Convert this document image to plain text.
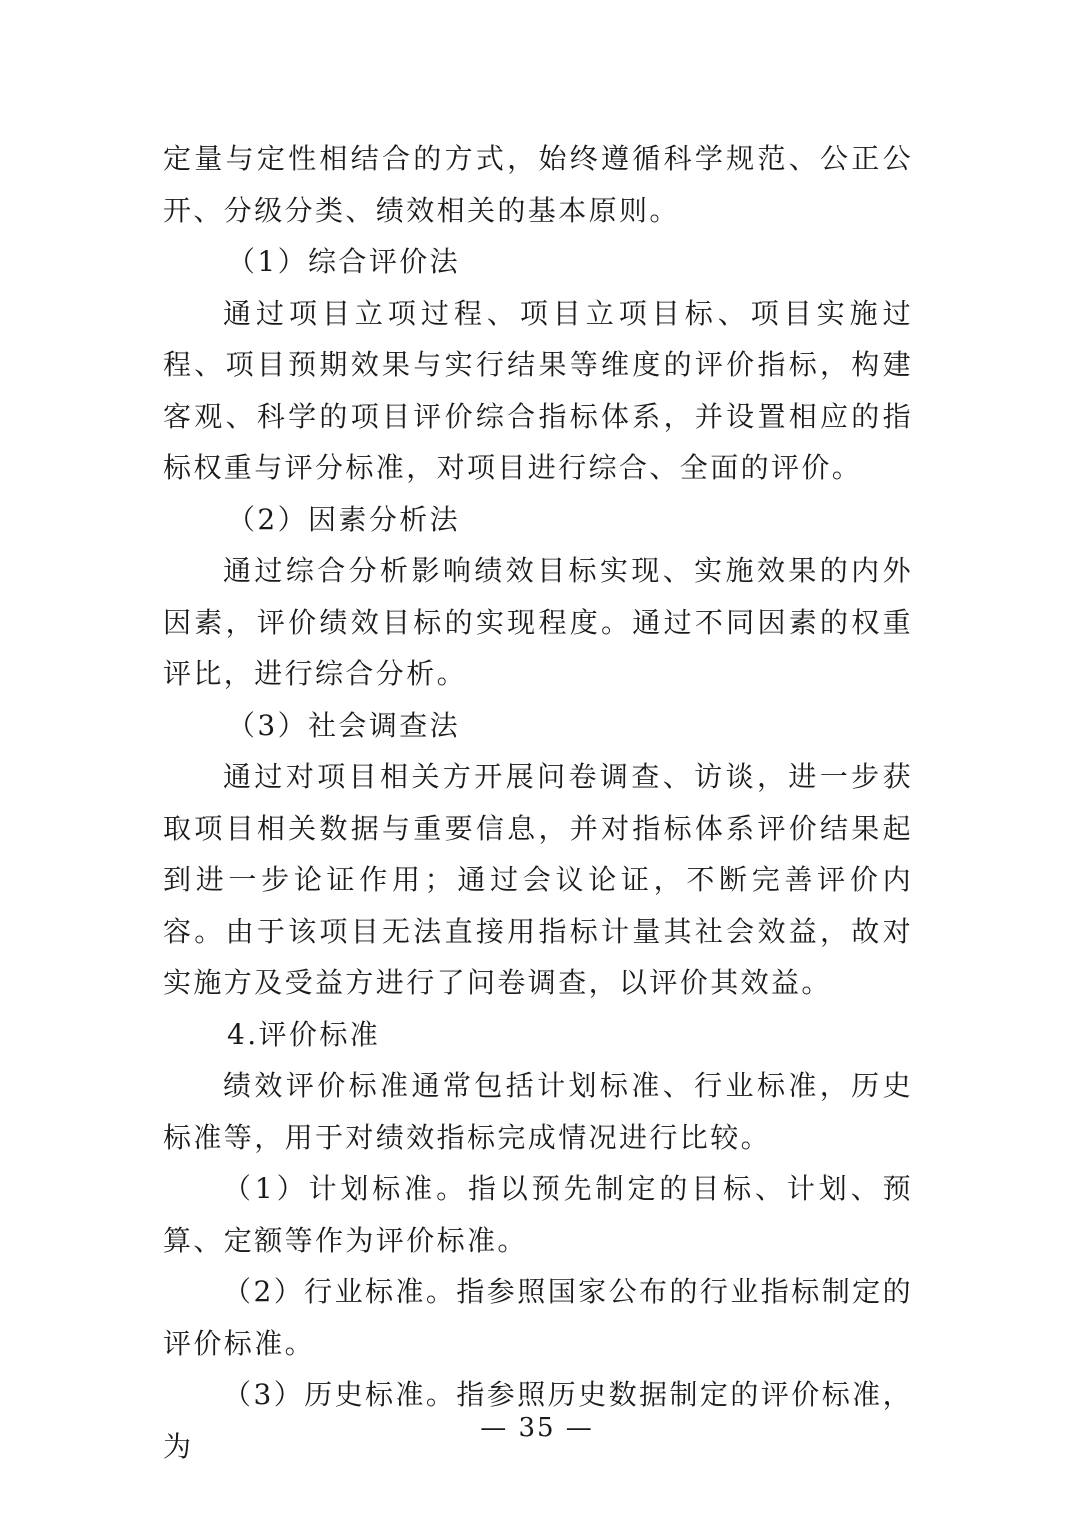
定量与定性相结合的方式，始终遵循科学规范、公正公开、分级分类、绩效相关的基本原则。

（1）综合评价法

通过项目立项过程、项目立项目标、项目实施过程、项目预期效果与实行结果等维度的评价指标，构建客观、科学的项目评价综合指标体系，并设置相应的指标权重与评分标准，对项目进行综合、全面的评价。

（2）因素分析法

通过综合分析影响绩效目标实现、实施效果的内外因素，评价绩效目标的实现程度。通过不同因素的权重评比，进行综合分析。

（3）社会调查法

通过对项目相关方开展问卷调查、访谈，进一步获取项目相关数据与重要信息，并对指标体系评价结果起到进一步论证作用；通过会议论证，不断完善评价内容。由于该项目无法直接用指标计量其社会效益，故对实施方及受益方进行了问卷调查，以评价其效益。

4.评价标准

绩效评价标准通常包括计划标准、行业标准，历史标准等，用于对绩效指标完成情况进行比较。

（1）计划标准。指以预先制定的目标、计划、预算、定额等作为评价标准。

（2）行业标准。指参照国家公布的行业指标制定的评价标准。

（3）历史标准。指参照历史数据制定的评价标准，为

— 35 —
